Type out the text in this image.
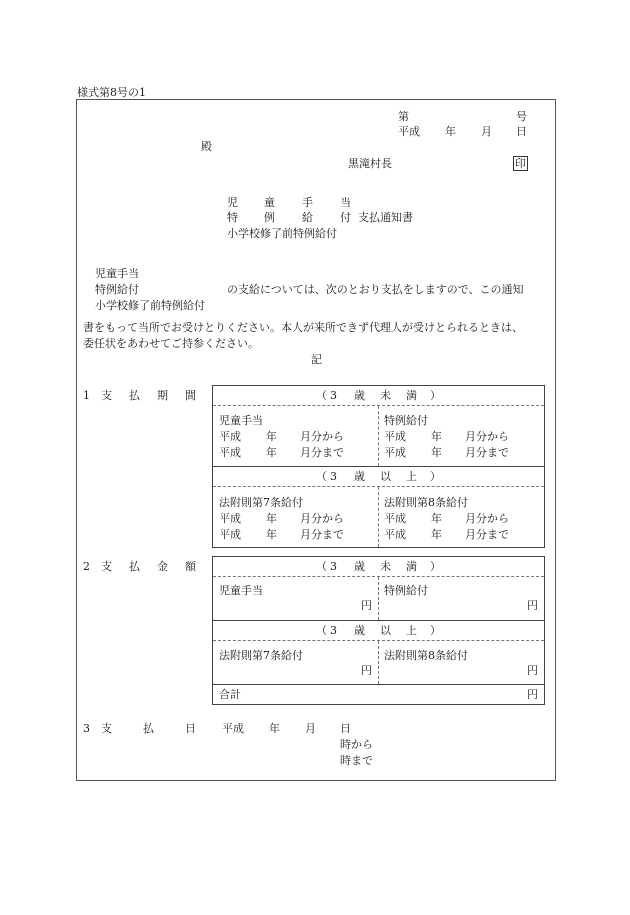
様式第8号の1
第	号
平成 年 月 日
殿
黒滝村長	印
児 童 手 当
特 例 給 付 支払通知書
小学校修了前特例給付
児童手当
特例給付
小学校修了前特例給付
の支給については、次のとおり支払をしますので、この通知
書をもって当所でお受けとりください。本人が来所できず代理人が受けとられるときは、
委任状をあわせてご持参ください。
記
1 支 払 期 間	（ 3 歳 未 満 ）
児童手当
平成 年 月分から
平成 年 月分まで
特例給付
平成 年 月分から
平成 年 月分まで
（ 3 歳 以 上 ）
法附則第7条給付
平成 年 月分から
平成 年 月分まで
法附則第8条給付
平成 年 月分から
平成 年 月分まで
2 支 払 金 額	（ 3 歳 未 満 ）
児童手当
円
特例給付
円
（ 3 歳 以 上 ）
法附則第7条給付
円
法附則第8条給付
円
合計	円
3 支	払	日 平成 年 月 日
時から
時まで
